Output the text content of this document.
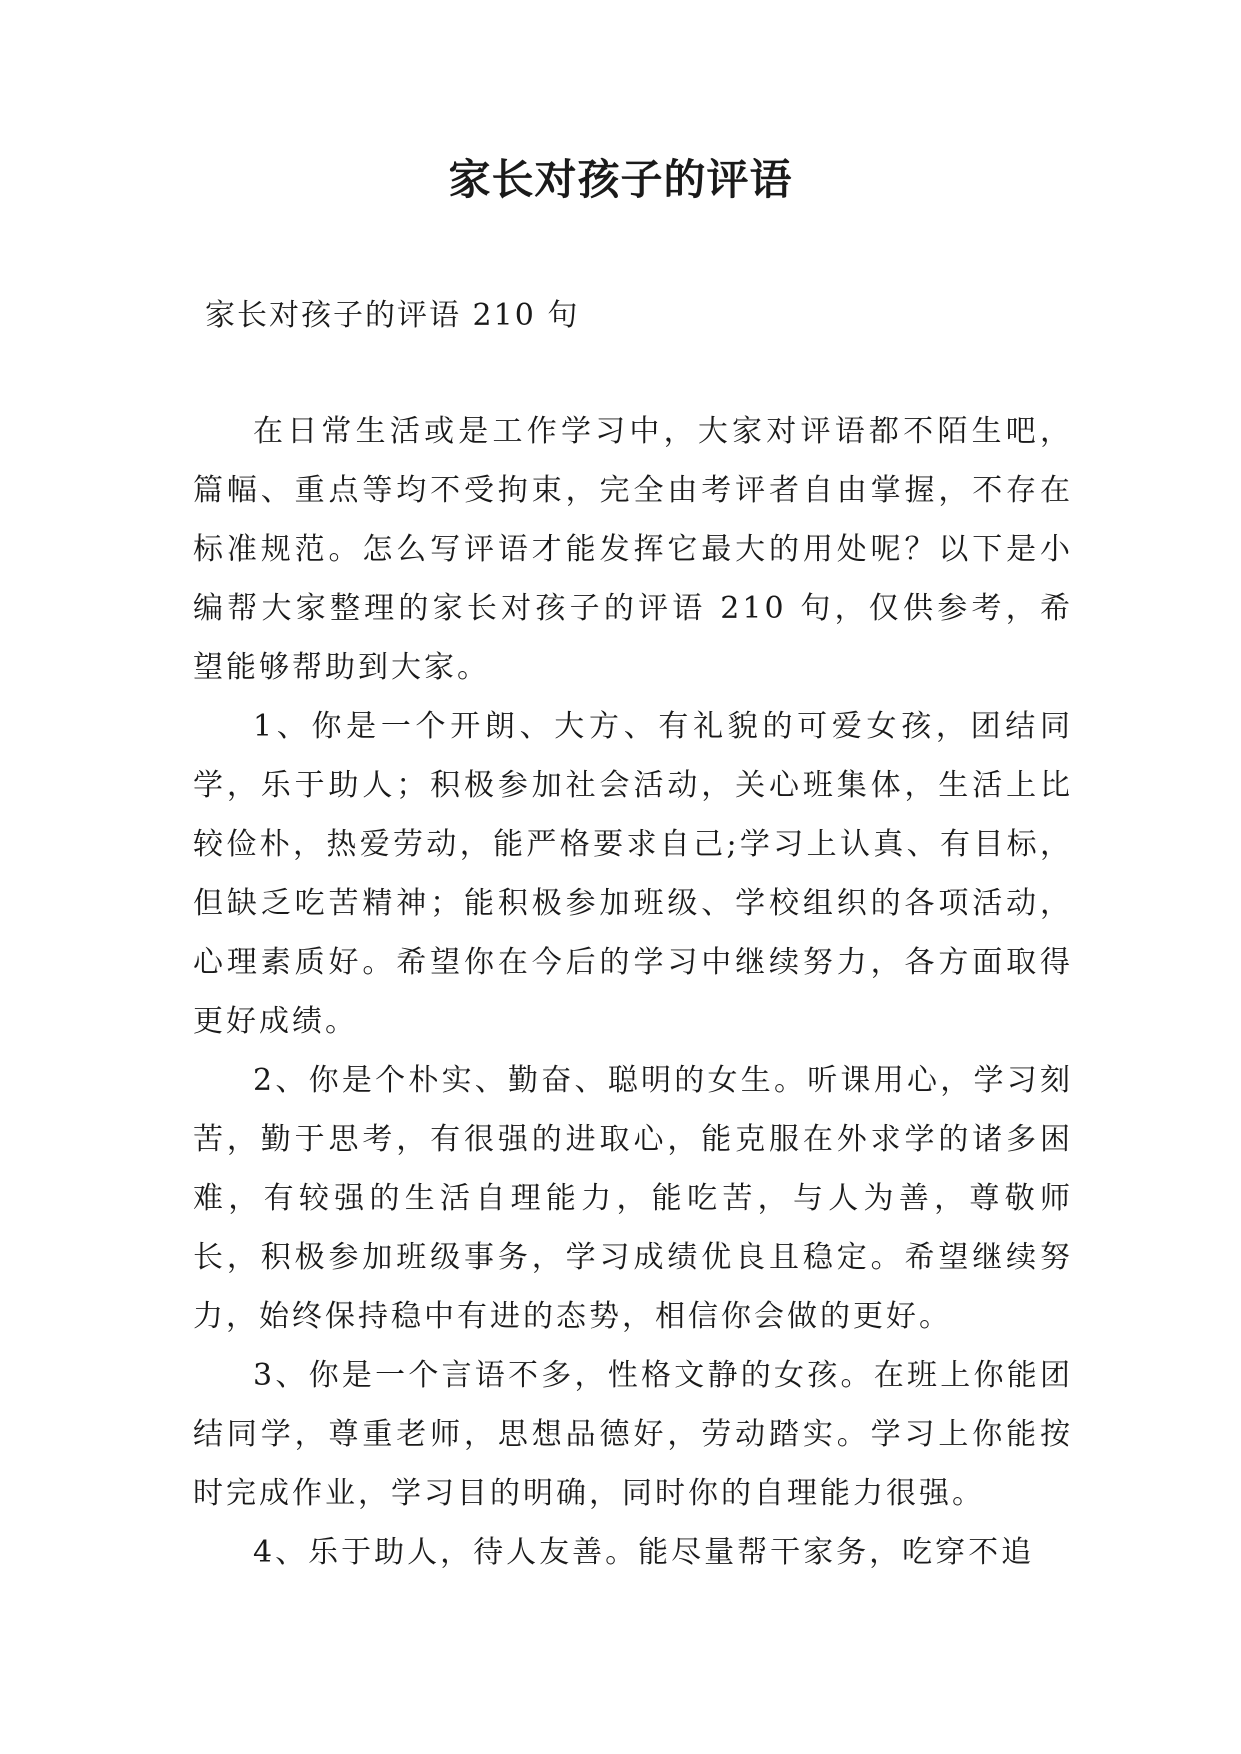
家长对孩子的评语
家长对孩子的评语 210 句

在日常生活或是工作学习中，大家对评语都不陌生吧，篇幅、重点等均不受拘束，完全由考评者自由掌握，不存在标准规范。怎么写评语才能发挥它最大的用处呢？以下是小编帮大家整理的家长对孩子的评语 210 句，仅供参考，希望能够帮助到大家。

1、你是一个开朗、大方、有礼貌的可爱女孩，团结同学，乐于助人；积极参加社会活动，关心班集体，生活上比较俭朴，热爱劳动，能严格要求自己;学习上认真、有目标，但缺乏吃苦精神；能积极参加班级、学校组织的各项活动，心理素质好。希望你在今后的学习中继续努力，各方面取得更好成绩。

2、你是个朴实、勤奋、聪明的女生。听课用心，学习刻苦，勤于思考，有很强的进取心，能克服在外求学的诸多困难，有较强的生活自理能力，能吃苦，与人为善，尊敬师长，积极参加班级事务，学习成绩优良且稳定。希望继续努力，始终保持稳中有进的态势，相信你会做的更好。

3、你是一个言语不多，性格文静的女孩。在班上你能团结同学，尊重老师，思想品德好，劳动踏实。学习上你能按时完成作业，学习目的明确，同时你的自理能力很强。

4、乐于助人，待人友善。能尽量帮干家务，吃穿不追
